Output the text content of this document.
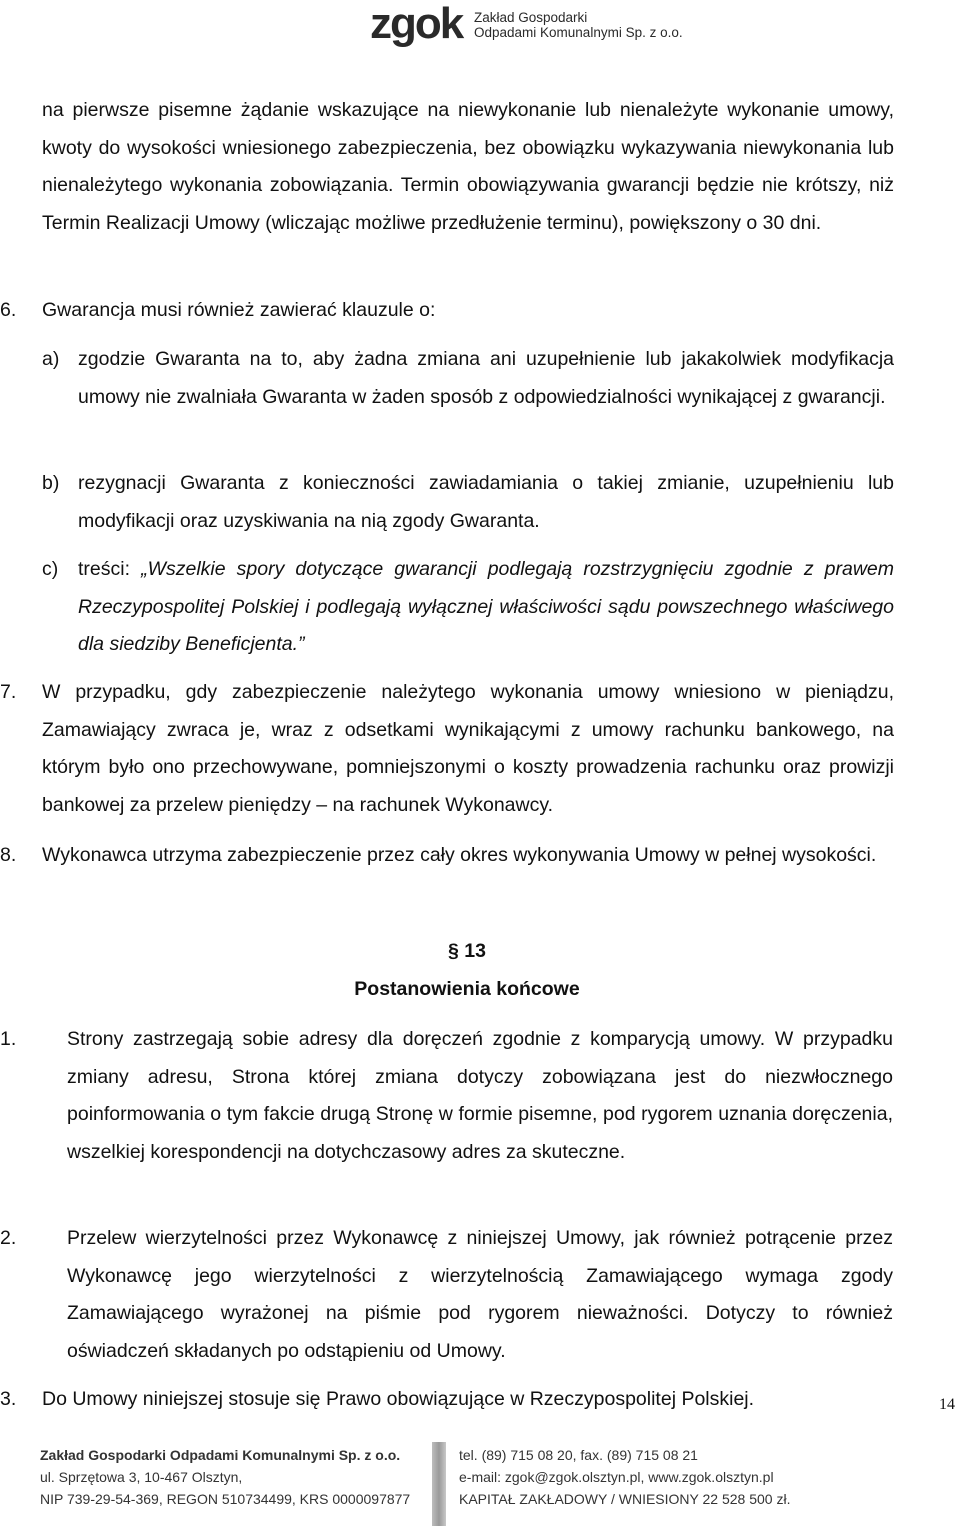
zgok Zakład Gospodarki
Odpadami Komunalnymi Sp. z o.o.

na pierwsze pisemne żądanie wskazujące na niewykonanie lub nienależyte wykonanie umowy, kwoty do wysokości wniesionego zabezpieczenia, bez obowiązku wykazywania niewykonania lub nienależytego wykonania zobowiązania. Termin obowiązywania gwarancji będzie nie krótszy, niż Termin Realizacji Umowy (wliczając możliwe przedłużenie terminu), powiększony o 30 dni.

6. Gwarancja musi również zawierać klauzule o:

a) zgodzie Gwaranta na to, aby żadna zmiana ani uzupełnienie lub jakakolwiek modyfikacja umowy nie zwalniała Gwaranta w żaden sposób z odpowiedzialności wynikającej z gwarancji.

b) rezygnacji Gwaranta z konieczności zawiadamiania o takiej zmianie, uzupełnieniu lub modyfikacji oraz uzyskiwania na nią zgody Gwaranta.

c) treści: „Wszelkie spory dotyczące gwarancji podlegają rozstrzygnięciu zgodnie z prawem Rzeczypospolitej Polskiej i podlegają wyłącznej właściwości sądu powszechnego właściwego dla siedziby Beneficjenta.”

7. W przypadku, gdy zabezpieczenie należytego wykonania umowy wniesiono w pieniądzu, Zamawiający zwraca je, wraz z odsetkami wynikającymi z umowy rachunku bankowego, na którym było ono przechowywane, pomniejszonymi o koszty prowadzenia rachunku oraz prowizji bankowej za przelew pieniędzy – na rachunek Wykonawcy.

8. Wykonawca utrzyma zabezpieczenie przez cały okres wykonywania Umowy w pełnej wysokości.

§ 13
Postanowienia końcowe
1.	Strony zastrzegają sobie adresy dla doręczeń zgodnie z komparycją umowy. W przypadku zmiany adresu, Strona której zmiana dotyczy zobowiązana jest do niezwłocznego poinformowania o tym fakcie drugą Stronę w formie pisemne, pod rygorem uznania doręczenia, wszelkiej korespondencji na dotychczasowy adres za skuteczne.

2.	Przelew wierzytelności przez Wykonawcę z niniejszej Umowy, jak również potrącenie przez Wykonawcę jego wierzytelności z wierzytelnością Zamawiającego wymaga zgody Zamawiającego wyrażonej na piśmie pod rygorem nieważności. Dotyczy to również oświadczeń składanych po odstąpieniu od Umowy.

3. Do Umowy niniejszej stosuje się Prawo obowiązujące w Rzeczypospolitej Polskiej.	14
Zakład Gospodarki Odpadami Komunalnymi Sp. z o.o.
ul. Sprzętowa 3, 10-467 Olsztyn,
NIP 739-29-54-369, REGON 510734499, KRS 0000097877
tel. (89) 715 08 20, fax. (89) 715 08 21
e-mail: zgok@zgok.olsztyn.pl, www.zgok.olsztyn.pl
KAPITAŁ ZAKŁADOWY / WNIESIONY 22 528 500 zł.
